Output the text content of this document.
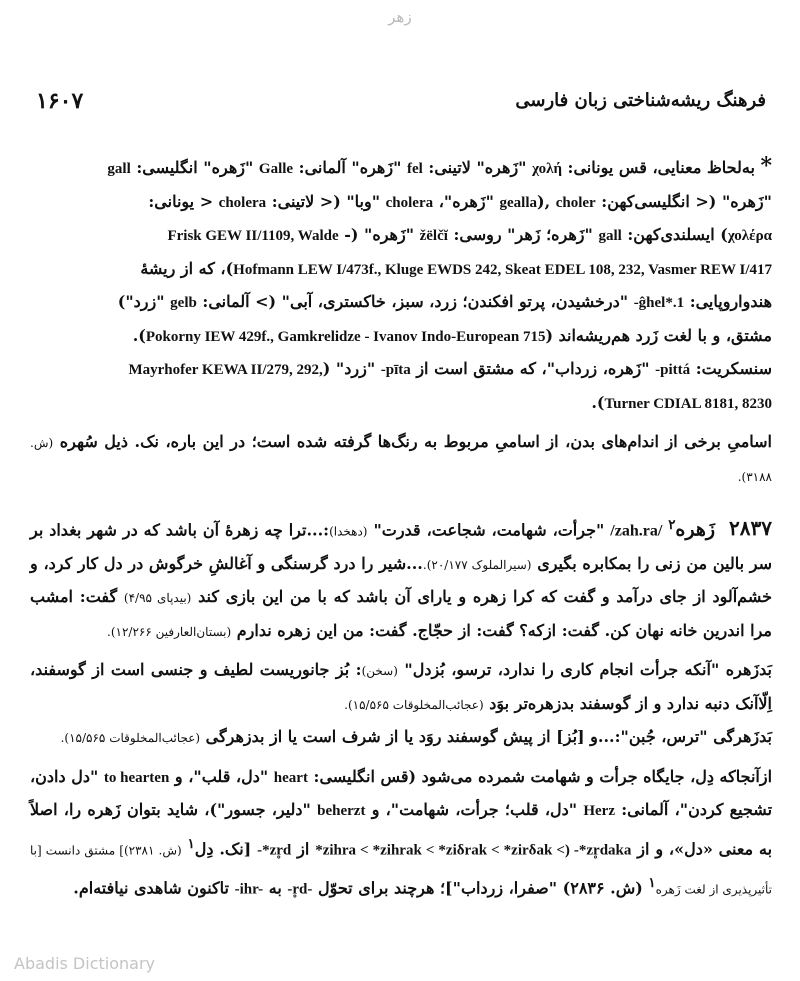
زهر
۱۶۰۷	فرهنگ ریشه‌شناختی زبان فارسی

* به‌لحاظ معنایی، قس یونانی: χολή "زَهره" لاتینی: fel "زَهره" آلمانی: Galle "زَهره" انگلیسی: gall

"زَهره" (< انگلیسی‌کهن: gealla), choler "زَهره"، cholera "وبا" (< لاتینی: cholera < یونانی:

χολέρα) ایسلندی‌کهن: gall "زَهره؛ زَهر" روسی: žëlčĭ "زَهره" (- Frisk GEW II/1109, Walde

Hofmann LEW I/473f., Kluge EWDS 242, Skeat EDEL 108, 232, Vasmer REW I/417)، که از ریشهٔ

هندواروپایی: -ĝhel*.1 "درخشیدن، پرتو افکندن؛ زرد، سبز، خاکستری، آبی" (> آلمانی: gelb "زرد")

مشتق، و با لغت زَرد هم‌ریشه‌اند (Pokorny IEW 429f., Gamkrelidze - Ivanov Indo-European 715).

سنسکریت: -pittá "زَهره، زرداب"، که مشتق است از -pīta "زرد" (Mayrhofer KEWA II/279, 292,

Turner CDIAL 8181, 8230).

اسامیِ برخی از اندام‌های بدن، از اسامیِ مربوط به رنگ‌ها گرفته شده است؛ در این باره، نک. ذیل سُهره (ش. ۳۱۸۸).

۲۸۳۷زَهره$^۲$ /zah.ra/ "جرأت، شهامت، شجاعت، قدرت" (دهخدا):...ترا چه زهرهٔ آن باشد که در شهر بغداد بر سر بالین من زنی را بمکابره بگیری (سیرالملوک ۲۰/۱۷۷)....شیر را درد گرسنگی و آغالشِ خرگوش در دل کار کرد، و خشم‌آلود از جای درآمد و گفت که کرا زهره و یارای آن باشد که با من این بازی کند (بیدپای ۴/۹۵) گفت: امشب مرا اندرین خانه نهان کن. گفت: ازکه؟ گفت: از حجّاج. گفت: من این زهره ندارم (بستان‌العارفین ۱۲/۲۶۶).

بَدزَهره "آنکه جرأت انجام کاری را ندارد، ترسو، بُزدل" (سخن): بُز جانوریست لطیف و جنسی است از گوسفند، اِلّاآنک دنبه ندارد و از گوسفند بدزهره‌تر بوَد (عجائب‌المخلوقات ۱۵/۵۶۵).

بَدزَهرگی "ترس، جُبن":...و [بُز] از پیش گوسفند روَد یا از شرف است یا از بدزهرگی (عجائب‌المخلوقات ۱۵/۵۶۵).

ازآنجاکه دِل، جایگاه جرأت و شهامت شمرده می‌شود (قس انگلیسی: heart "دل، قلب"، و to hearten "دل دادن، تشجیع کردن"، آلمانی: Herz "دل، قلب؛ جرأت، شهامت"، و beherzt "دلیر، جسور")، شاید بتوان زَهره را، اصلاً به معنی «دل»، و از *zihra < *zihrak < *ziδrak < *zirδak <) -*zr̥daka از -*zr̥d [نک. دِل$^۱$ (ش. ۲۳۸۱)] مشتق دانست [با تأثیرپذیری از لغت زَهره$^۱$ (ش. ۲۸۳۶) "صفرا، زرداب"]؛ هرچند برای تحوّل -r̥d- به -ihr- تاکنون شاهدی نیافته‌ام.

Abadis Dictionary
